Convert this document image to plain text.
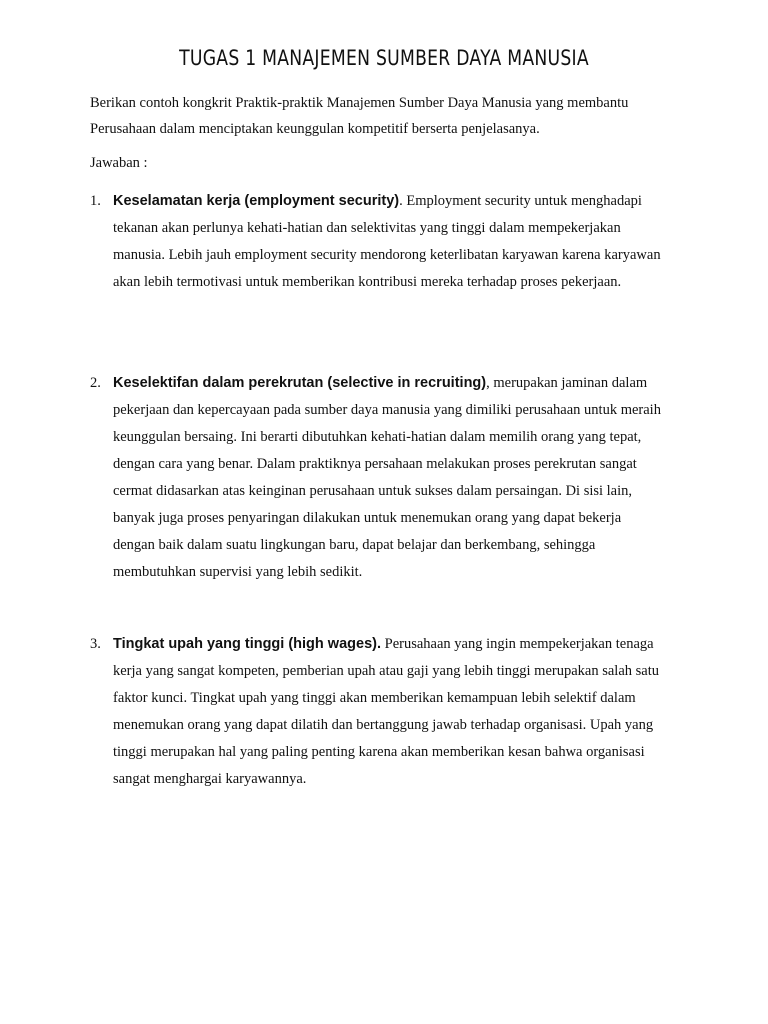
TUGAS 1 MANAJEMEN SUMBER DAYA MANUSIA
Berikan contoh kongkrit Praktik-praktik Manajemen Sumber Daya Manusia yang membantu Perusahaan dalam menciptakan keunggulan kompetitif berserta penjelasanya.
Jawaban :
1. Keselamatan kerja (employment security). Employment security untuk menghadapi tekanan akan perlunya kehati-hatian dan selektivitas yang tinggi dalam mempekerjakan manusia. Lebih jauh employment security mendorong keterlibatan karyawan karena karyawan akan lebih termotivasi untuk memberikan kontribusi mereka terhadap proses pekerjaan.
2. Keselektifan dalam perekrutan (selective in recruiting), merupakan jaminan dalam pekerjaan dan kepercayaan pada sumber daya manusia yang dimiliki perusahaan untuk meraih keunggulan bersaing. Ini berarti dibutuhkan kehati-hatian dalam memilih orang yang tepat, dengan cara yang benar. Dalam praktiknya persahaan melakukan proses perekrutan sangat cermat didasarkan atas keinginan perusahaan untuk sukses dalam persaingan. Di sisi lain, banyak juga proses penyaringan dilakukan untuk menemukan orang yang dapat bekerja dengan baik dalam suatu lingkungan baru, dapat belajar dan berkembang, sehingga membutuhkan supervisi yang lebih sedikit.
3. Tingkat upah yang tinggi (high wages). Perusahaan yang ingin mempekerjakan tenaga kerja yang sangat kompeten, pemberian upah atau gaji yang lebih tinggi merupakan salah satu faktor kunci. Tingkat upah yang tinggi akan memberikan kemampuan lebih selektif dalam menemukan orang yang dapat dilatih dan bertanggung jawab terhadap organisasi. Upah yang tinggi merupakan hal yang paling penting karena akan memberikan kesan bahwa organisasi sangat menghargai karyawannya.
